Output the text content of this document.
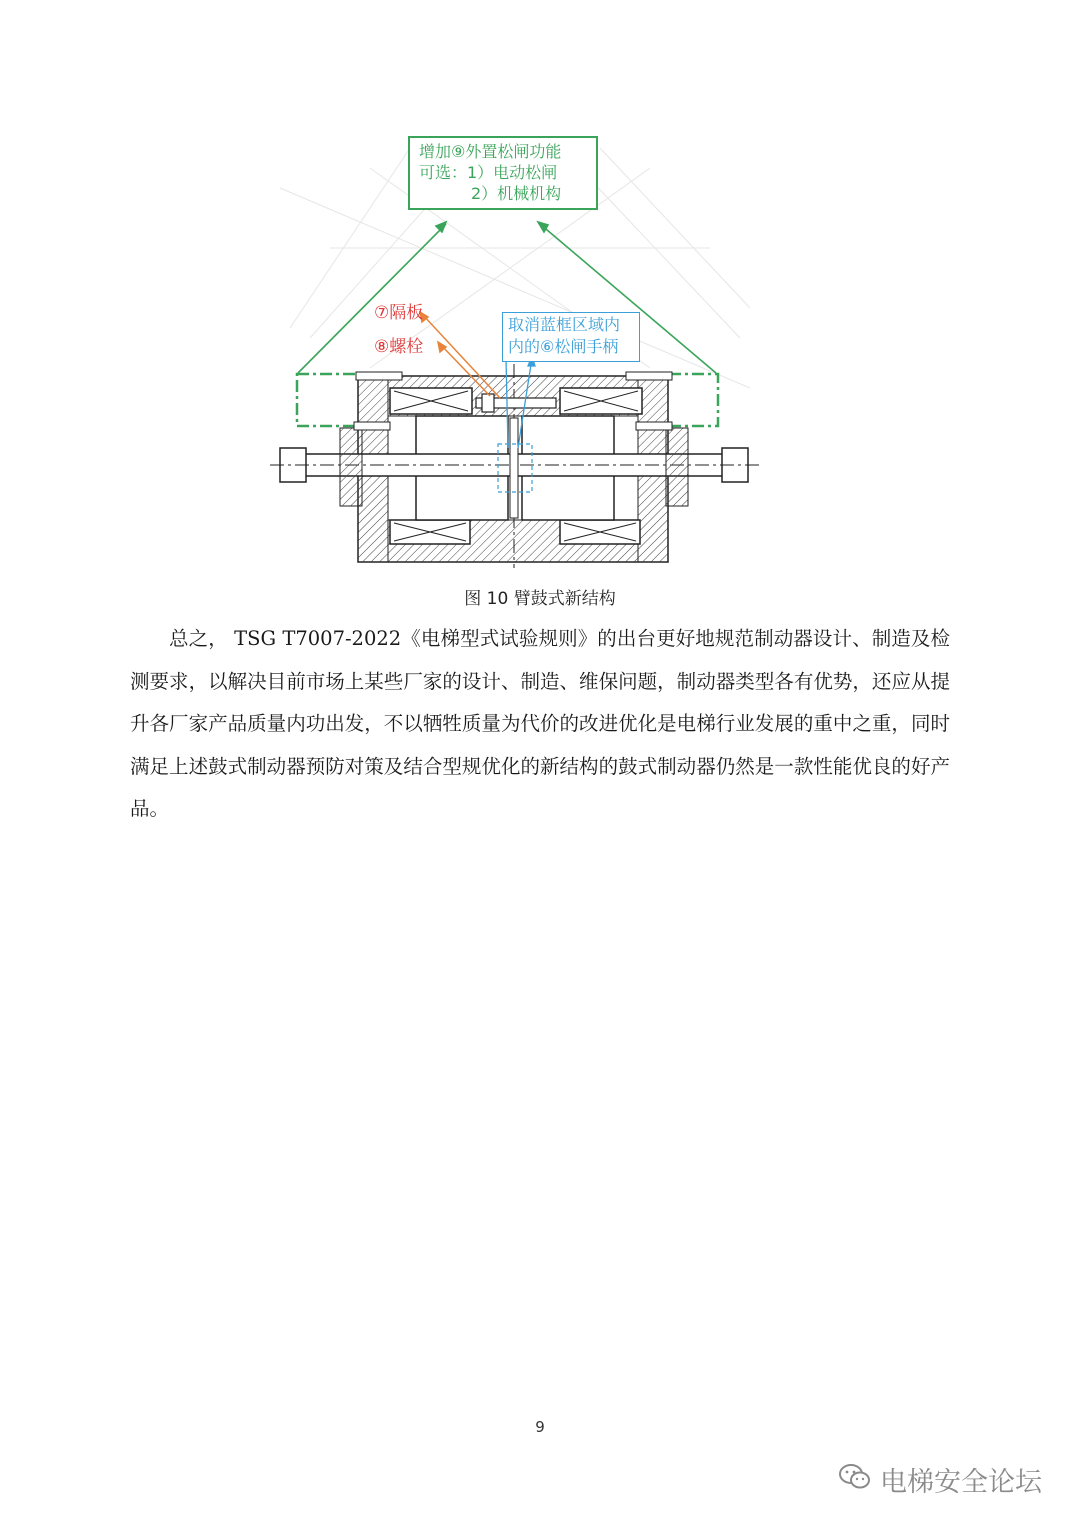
增加⑨外置松闸功能
可选：1）电动松闸
2）机械机构
⑦隔板
⑧螺栓
取消蓝框区域内
内的⑥松闸手柄
图 10 臂鼓式新结构
总之， TSG T7007-2022《电梯型式试验规则》的出台更好地规范制动器设计、制造及检测要求，以解决目前市场上某些厂家的设计、制造、维保问题，制动器类型各有优势，还应从提升各厂家产品质量内功出发，不以牺牲质量为代价的改进优化是电梯行业发展的重中之重，同时满足上述鼓式制动器预防对策及结合型规优化的新结构的鼓式制动器仍然是一款性能优良的好产品。
9
电梯安全论坛
